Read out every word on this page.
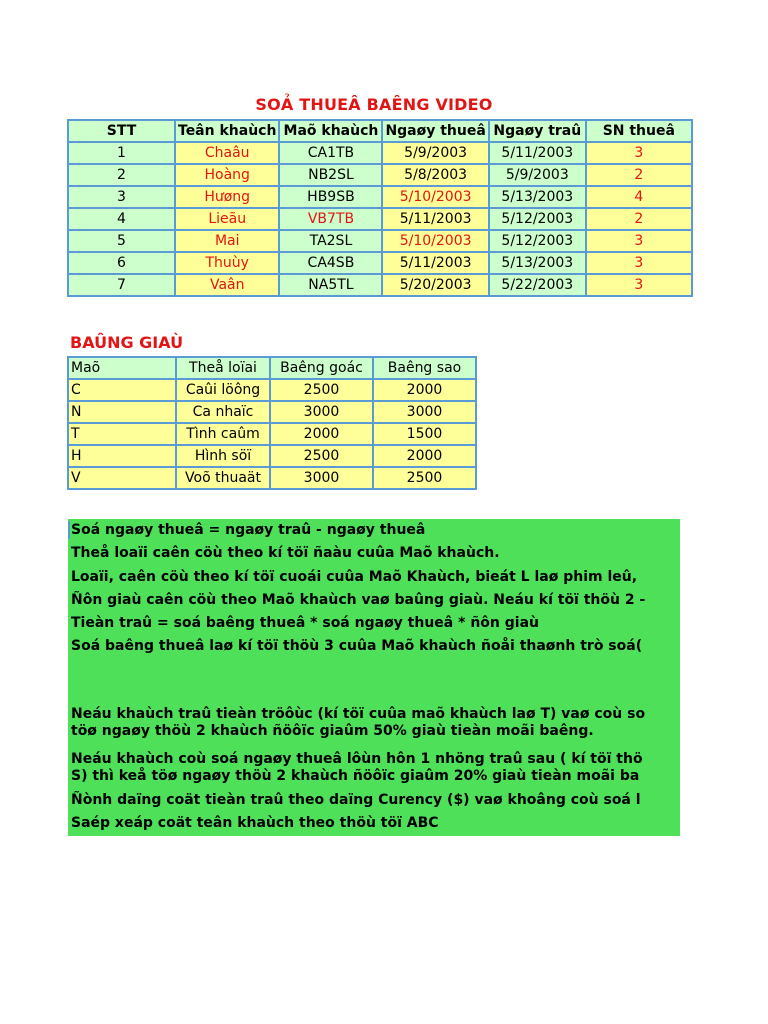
SOẢ THUEÂ BAÊNG VIDEO
STT	Teân khaùch	Maõ khaùch	Ngaøy thueâ	Ngaøy traû	SN thueâ
1	Chaâu	CA1TB	5/9/2003	5/11/2003	3
2	Hoàng	NB2SL	5/8/2003	5/9/2003	2
3	Hưøng	HB9SB	5/10/2003	5/13/2003	4
4	Lieãu	VB7TB	5/11/2003	5/12/2003	2
5	Mai	TA2SL	5/10/2003	5/12/2003	3
6	Thuùy	CA4SB	5/11/2003	5/13/2003	3
7	Vaân	NA5TL	5/20/2003	5/22/2003	3
BAÛNG GIAÙ
Maõ	Theå loïai	Baêng goác	Baêng sao
C	Caûi löông	2500	2000
N	Ca nhaïc	3000	3000
T	Tình caûm	2000	1500
H	Hình söï	2500	2000
V	Voõ thuaät	3000	2500
Soá ngaøy thueâ = ngaøy traû - ngaøy thueâ
Theå loaïi caên cöù theo kí töï ñaàu cuûa Maõ khaùch.
Loaïi, caên cöù theo kí töï cuoái cuûa Maõ Khaùch, bieát L laø phim leû,
Ñôn giaù caên cöù theo Maõ khaùch vaø baûng giaù. Neáu kí töï thöù 2 -
Tieàn traû = soá baêng thueâ * soá ngaøy thueâ * ñôn giaù
Soá baêng thueâ laø kí töï thöù 3 cuûa Maõ khaùch ñoåi thaønh trò soá(
Neáu khaùch traû tieàn tröôùc (kí töï cuûa maõ khaùch laø T) vaø coù so
töø ngaøy thöù 2 khaùch ñöôïc giaûm 50% giaù tieàn moãi baêng.
Neáu khaùch coù soá ngaøy thueâ lôùn hôn 1 nhöng traû sau ( kí töï thö
S) thì keå töø ngaøy thöù 2 khaùch ñöôïc giaûm 20% giaù tieàn moãi ba
Ñònh daïng coät tieàn traû theo daïng Curency ($) vaø khoâng coù soá l
Saép xeáp coät teân khaùch theo thöù töï ABC
